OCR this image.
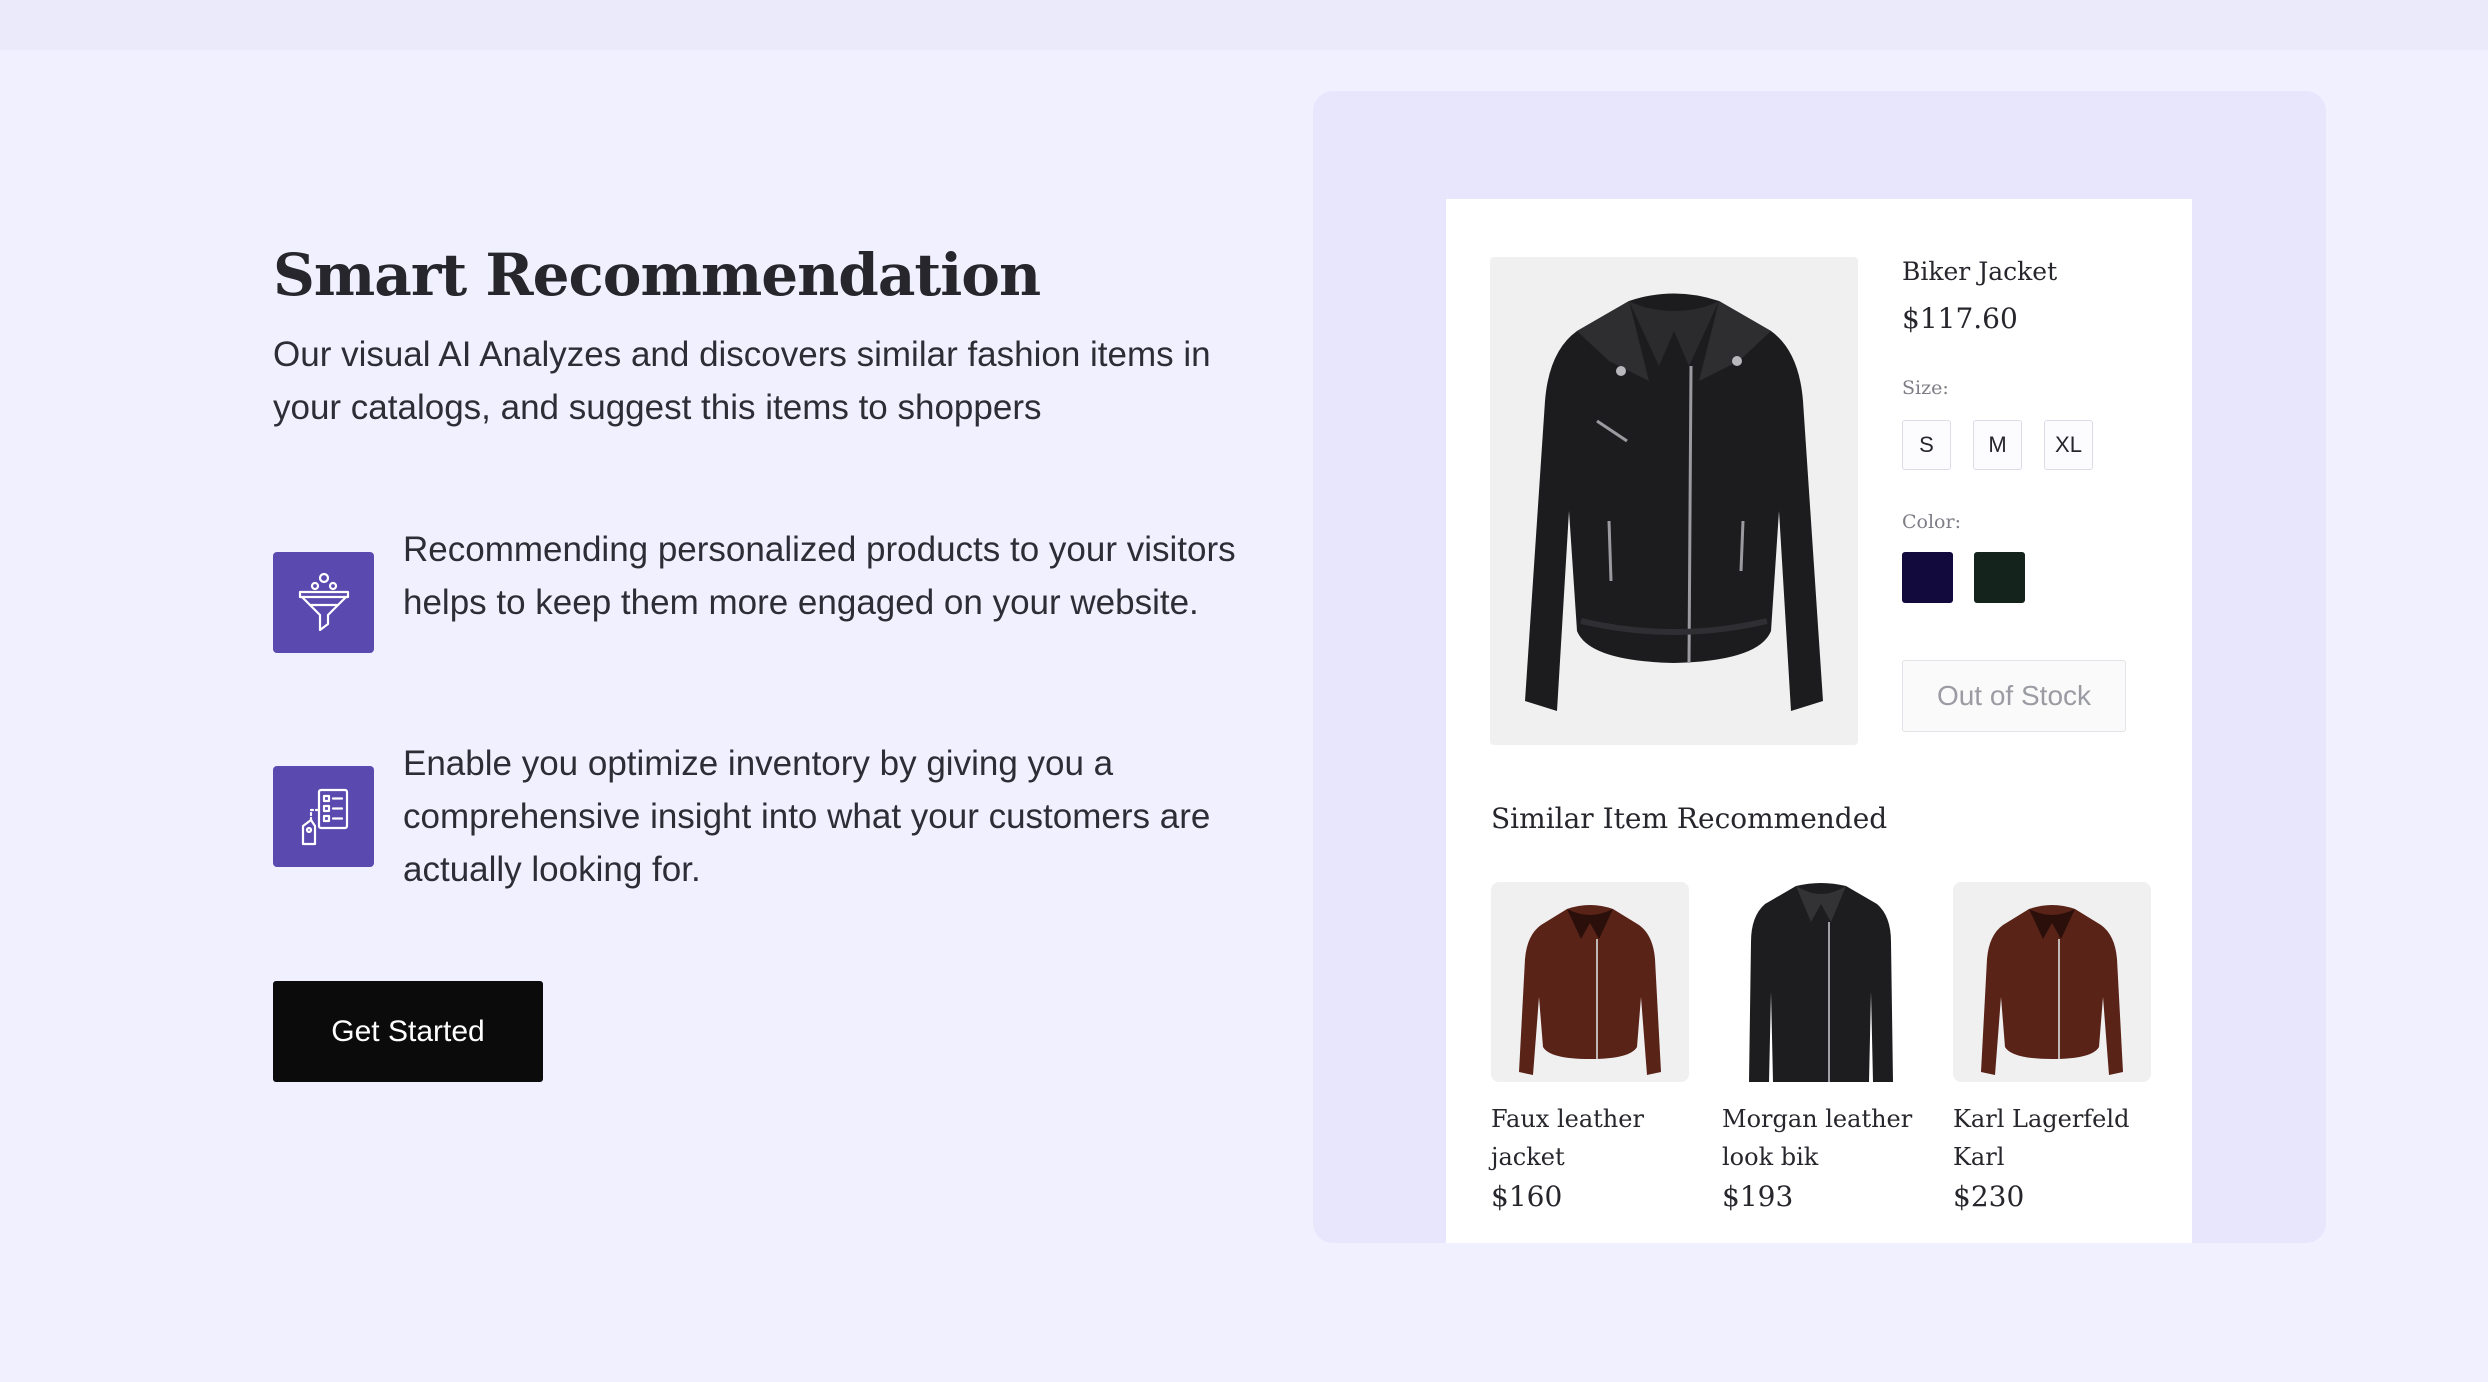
Smart Recommendation

Our visual AI Analyzes and discovers similar fashion items in your catalogs, and suggest this items to shoppers

Recommending personalized products to your visitors helps to keep them more engaged on your website.

Enable you optimize inventory by giving you a comprehensive insight into what your customers are actually looking for.

Get Started
Biker Jacket
$117.60
Size:
S	M	XL
Color:
Out of Stock
Similar Item Recommended
Faux leather jacket
$160
Morgan leather look bik
$193
Karl Lagerfeld Karl
$230
